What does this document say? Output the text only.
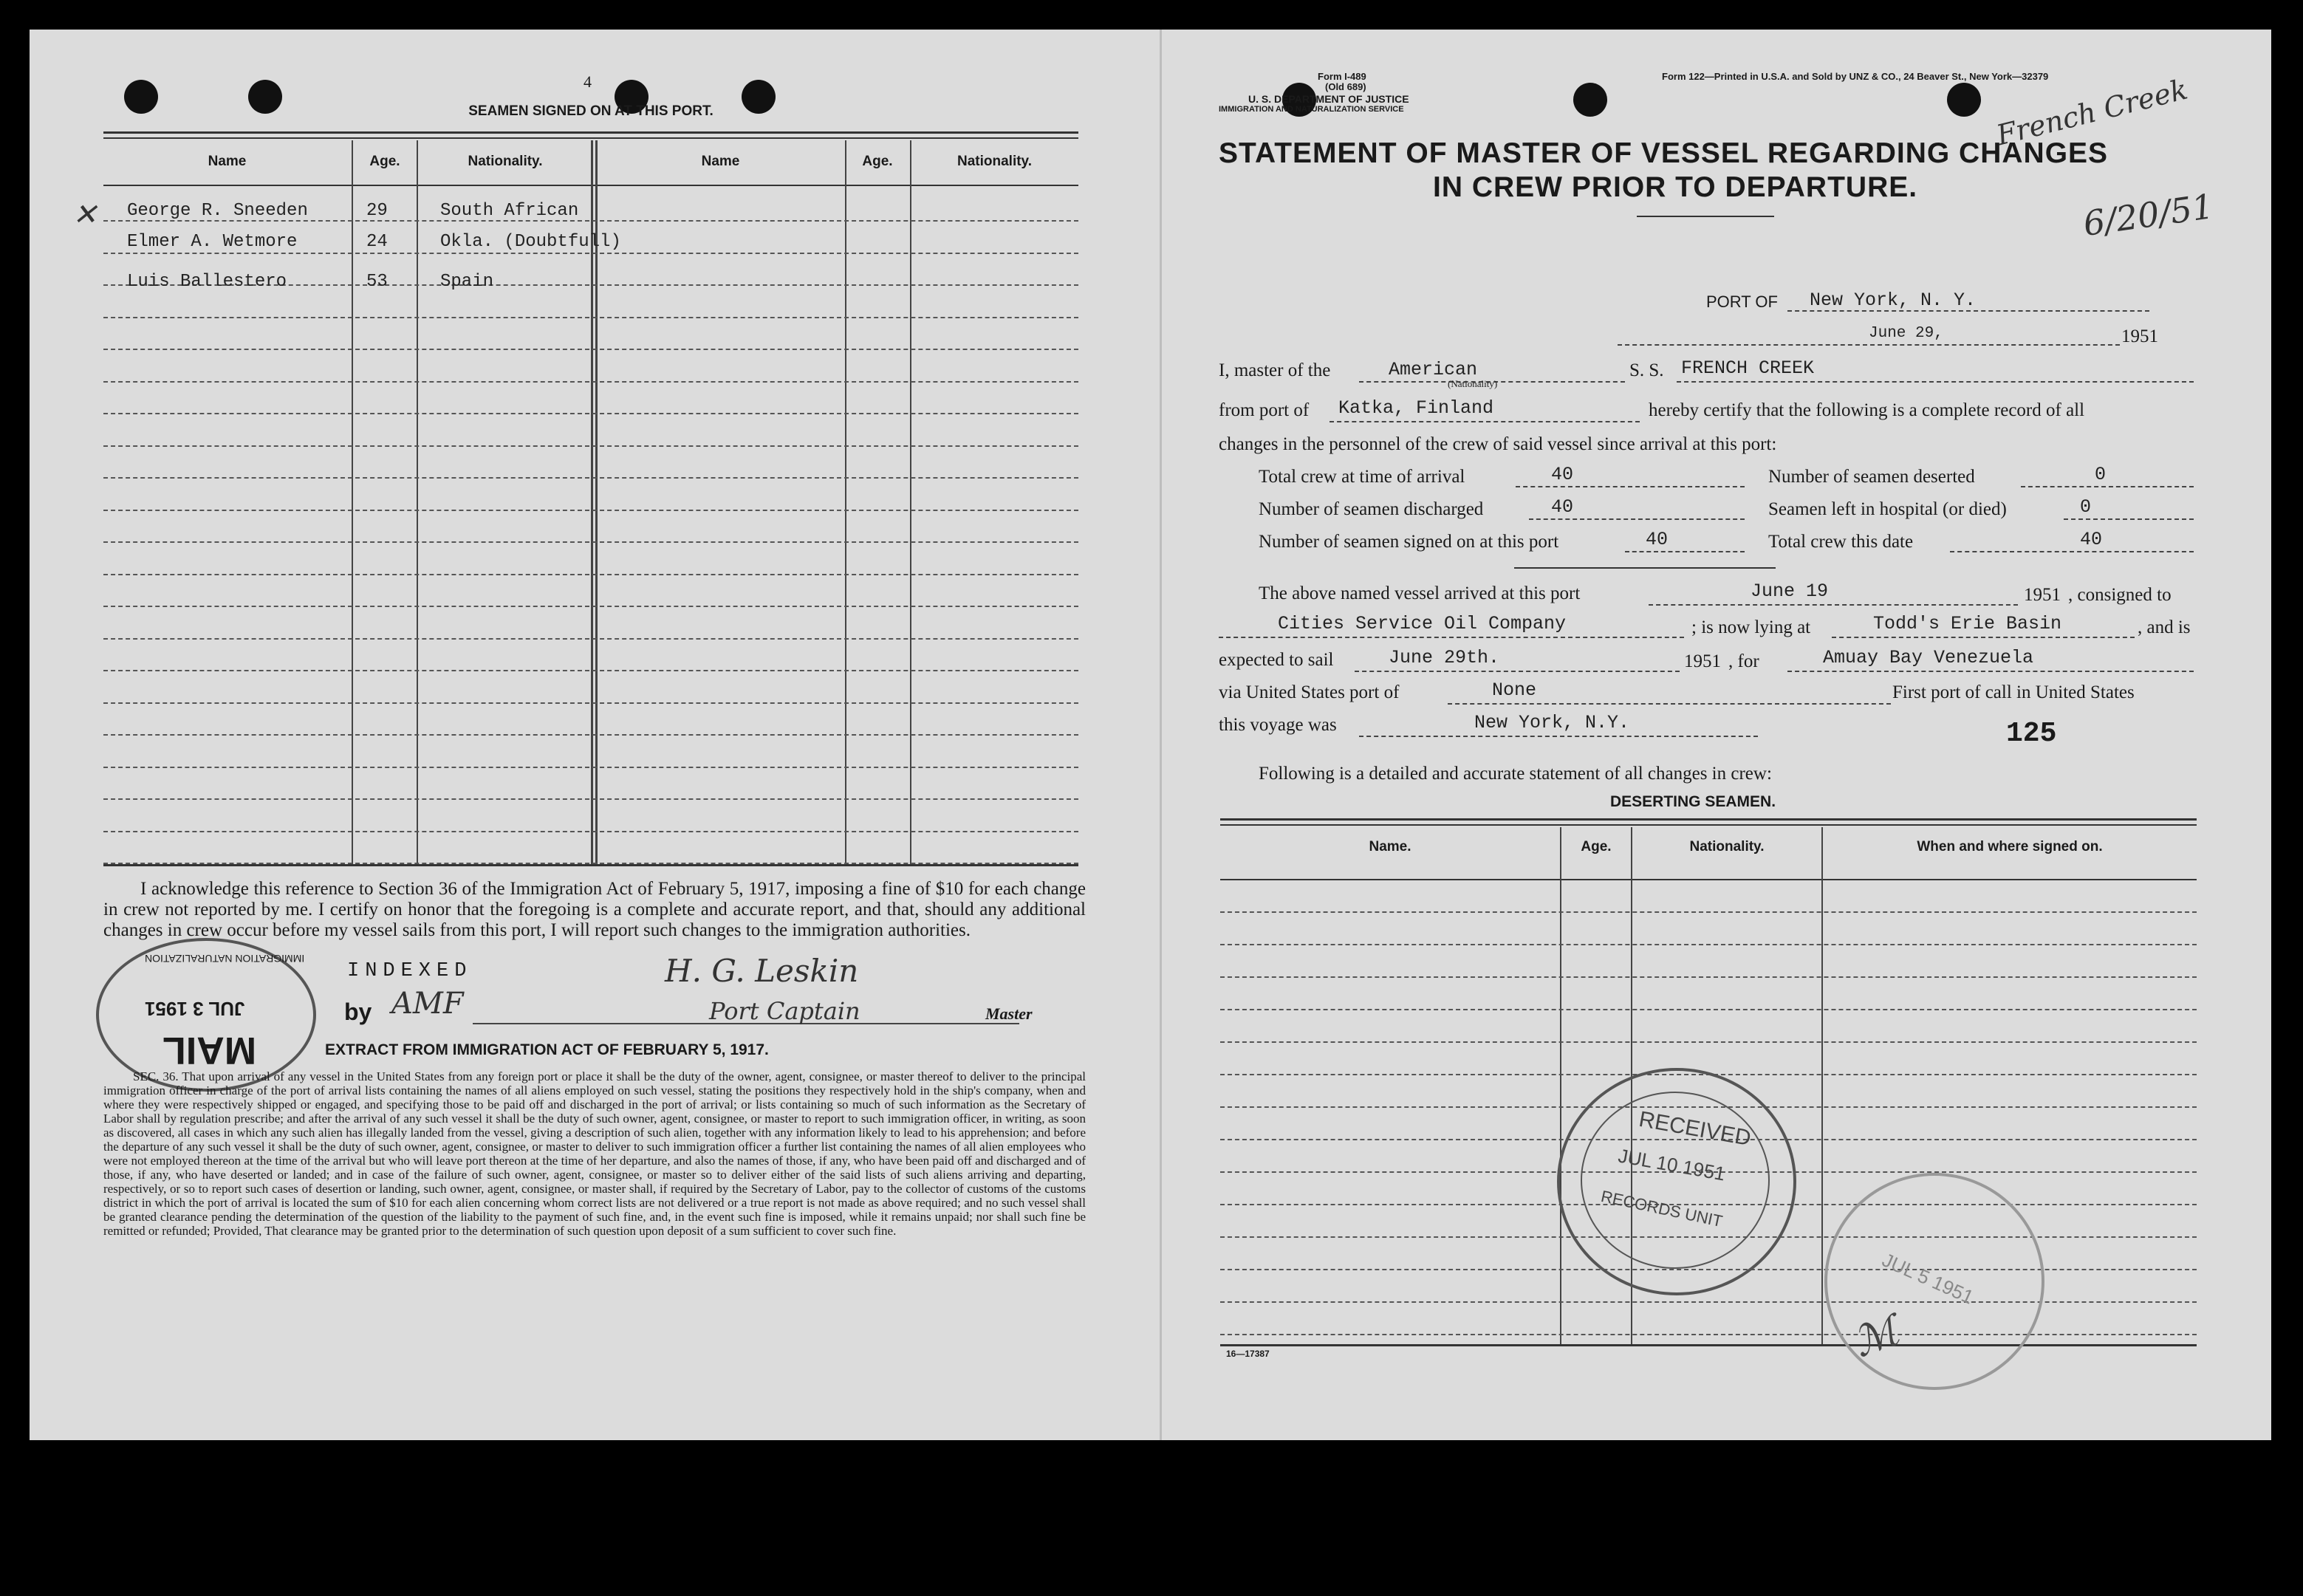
4
SEAMEN SIGNED ON AT THIS PORT.
Name	Age.	Nationality.	Name	Age.	Nationality.
George R. Sneeden	29	South African
Elmer A. Wetmore	24	Okla. (Doubtfull)
Luis Ballestero	53	Spain
✕
I acknowledge this reference to Section 36 of the Immigration Act of February 5, 1917, imposing a fine of $10 for each change in crew not reported by me. I certify on honor that the foregoing is a complete and accurate report, and that, should any additional changes in crew occur before my vessel sails from this port, I will report such changes to the immigration authorities.
INDEXED
by AMF
H. G. Leskin
Port Captain	Master
IMMIGRATION NATURALIZATION
JUL 3 1951
MAIL	EXTRACT FROM IMMIGRATION ACT OF FEBRUARY 5, 1917.
SEC. 36. That upon arrival of any vessel in the United States from any foreign port or place it shall be the duty of the owner, agent, consignee, or master thereof to deliver to the principal immigration officer in charge of the port of arrival lists containing the names of all aliens employed on such vessel, stating the positions they respectively hold in the ship's company, when and where they were respectively shipped or engaged, and specifying those to be paid off and discharged in the port of arrival; or lists containing so much of such information as the Secretary of Labor shall by regulation prescribe; and after the arrival of any such vessel it shall be the duty of such owner, agent, consignee, or master to report to such immigration officer, in writing, as soon as discovered, all cases in which any such alien has illegally landed from the vessel, giving a description of such alien, together with any information likely to lead to his apprehension; and before the departure of any such vessel it shall be the duty of such owner, agent, consignee, or master to deliver to such immigration officer a further list containing the names of all alien employees who were not employed thereon at the time of the arrival but who will leave port thereon at the time of her departure, and also the names of those, if any, who have been paid off and discharged and of those, if any, who have deserted or landed; and in case of the failure of such owner, agent, consignee, or master so to deliver either of the said lists of such aliens arriving and departing, respectively, or so to report such cases of desertion or landing, such owner, agent, consignee, or master shall, if required by the Secretary of Labor, pay to the collector of customs of the customs district in which the port of arrival is located the sum of $10 for each alien concerning whom correct lists are not delivered or a true report is not made as above required; and no such vessel shall be granted clearance pending the determination of the question of the liability to the payment of such fine, and, in the event such fine is imposed, while it remains unpaid; nor shall such fine be remitted or refunded; Provided, That clearance may be granted prior to the determination of such question upon deposit of a sum sufficient to cover such fine.
Form I-489
(Old 689)
U. S. DEPARTMENT OF JUSTICE
IMMIGRATION AND NATURALIZATION SERVICE
Form 122—Printed in U.S.A. and Sold by UNZ & CO., 24 Beaver St., New York—32379
French Creek
6/20/51
STATEMENT OF MASTER OF VESSEL REGARDING CHANGES
IN CREW PRIOR TO DEPARTURE.
PORT OF New York, N. Y.
June 29,	1951
I, master of the	American
(Nationality)
S. S. FRENCH CREEK
from port of Katka, Finland	hereby certify that the following is a complete record of all
changes in the personnel of the crew of said vessel since arrival at this port:
Total crew at time of arrival	40	Number of seamen deserted	0
Number of seamen discharged	40	Seamen left in hospital (or died)	0
Number of seamen signed on at this port	40	Total crew this date	40
The above named vessel arrived at this port	June 19	1951 , consigned to
Cities Service Oil Company	; is now lying at	Todd's Erie Basin	, and is
expected to sail	June 29th.	1951 , for	Amuay Bay Venezuela
via United States port of	None	First port of call in United States
this voyage was	New York, N.Y.	125
Following is a detailed and accurate statement of all changes in crew:
DESERTING SEAMEN.
Name.	Age.	Nationality.	When and where signed on.
16—17387
RECEIVED
JUL 10 1951
RECORDS UNIT
JUL 5 1951
ℳ
